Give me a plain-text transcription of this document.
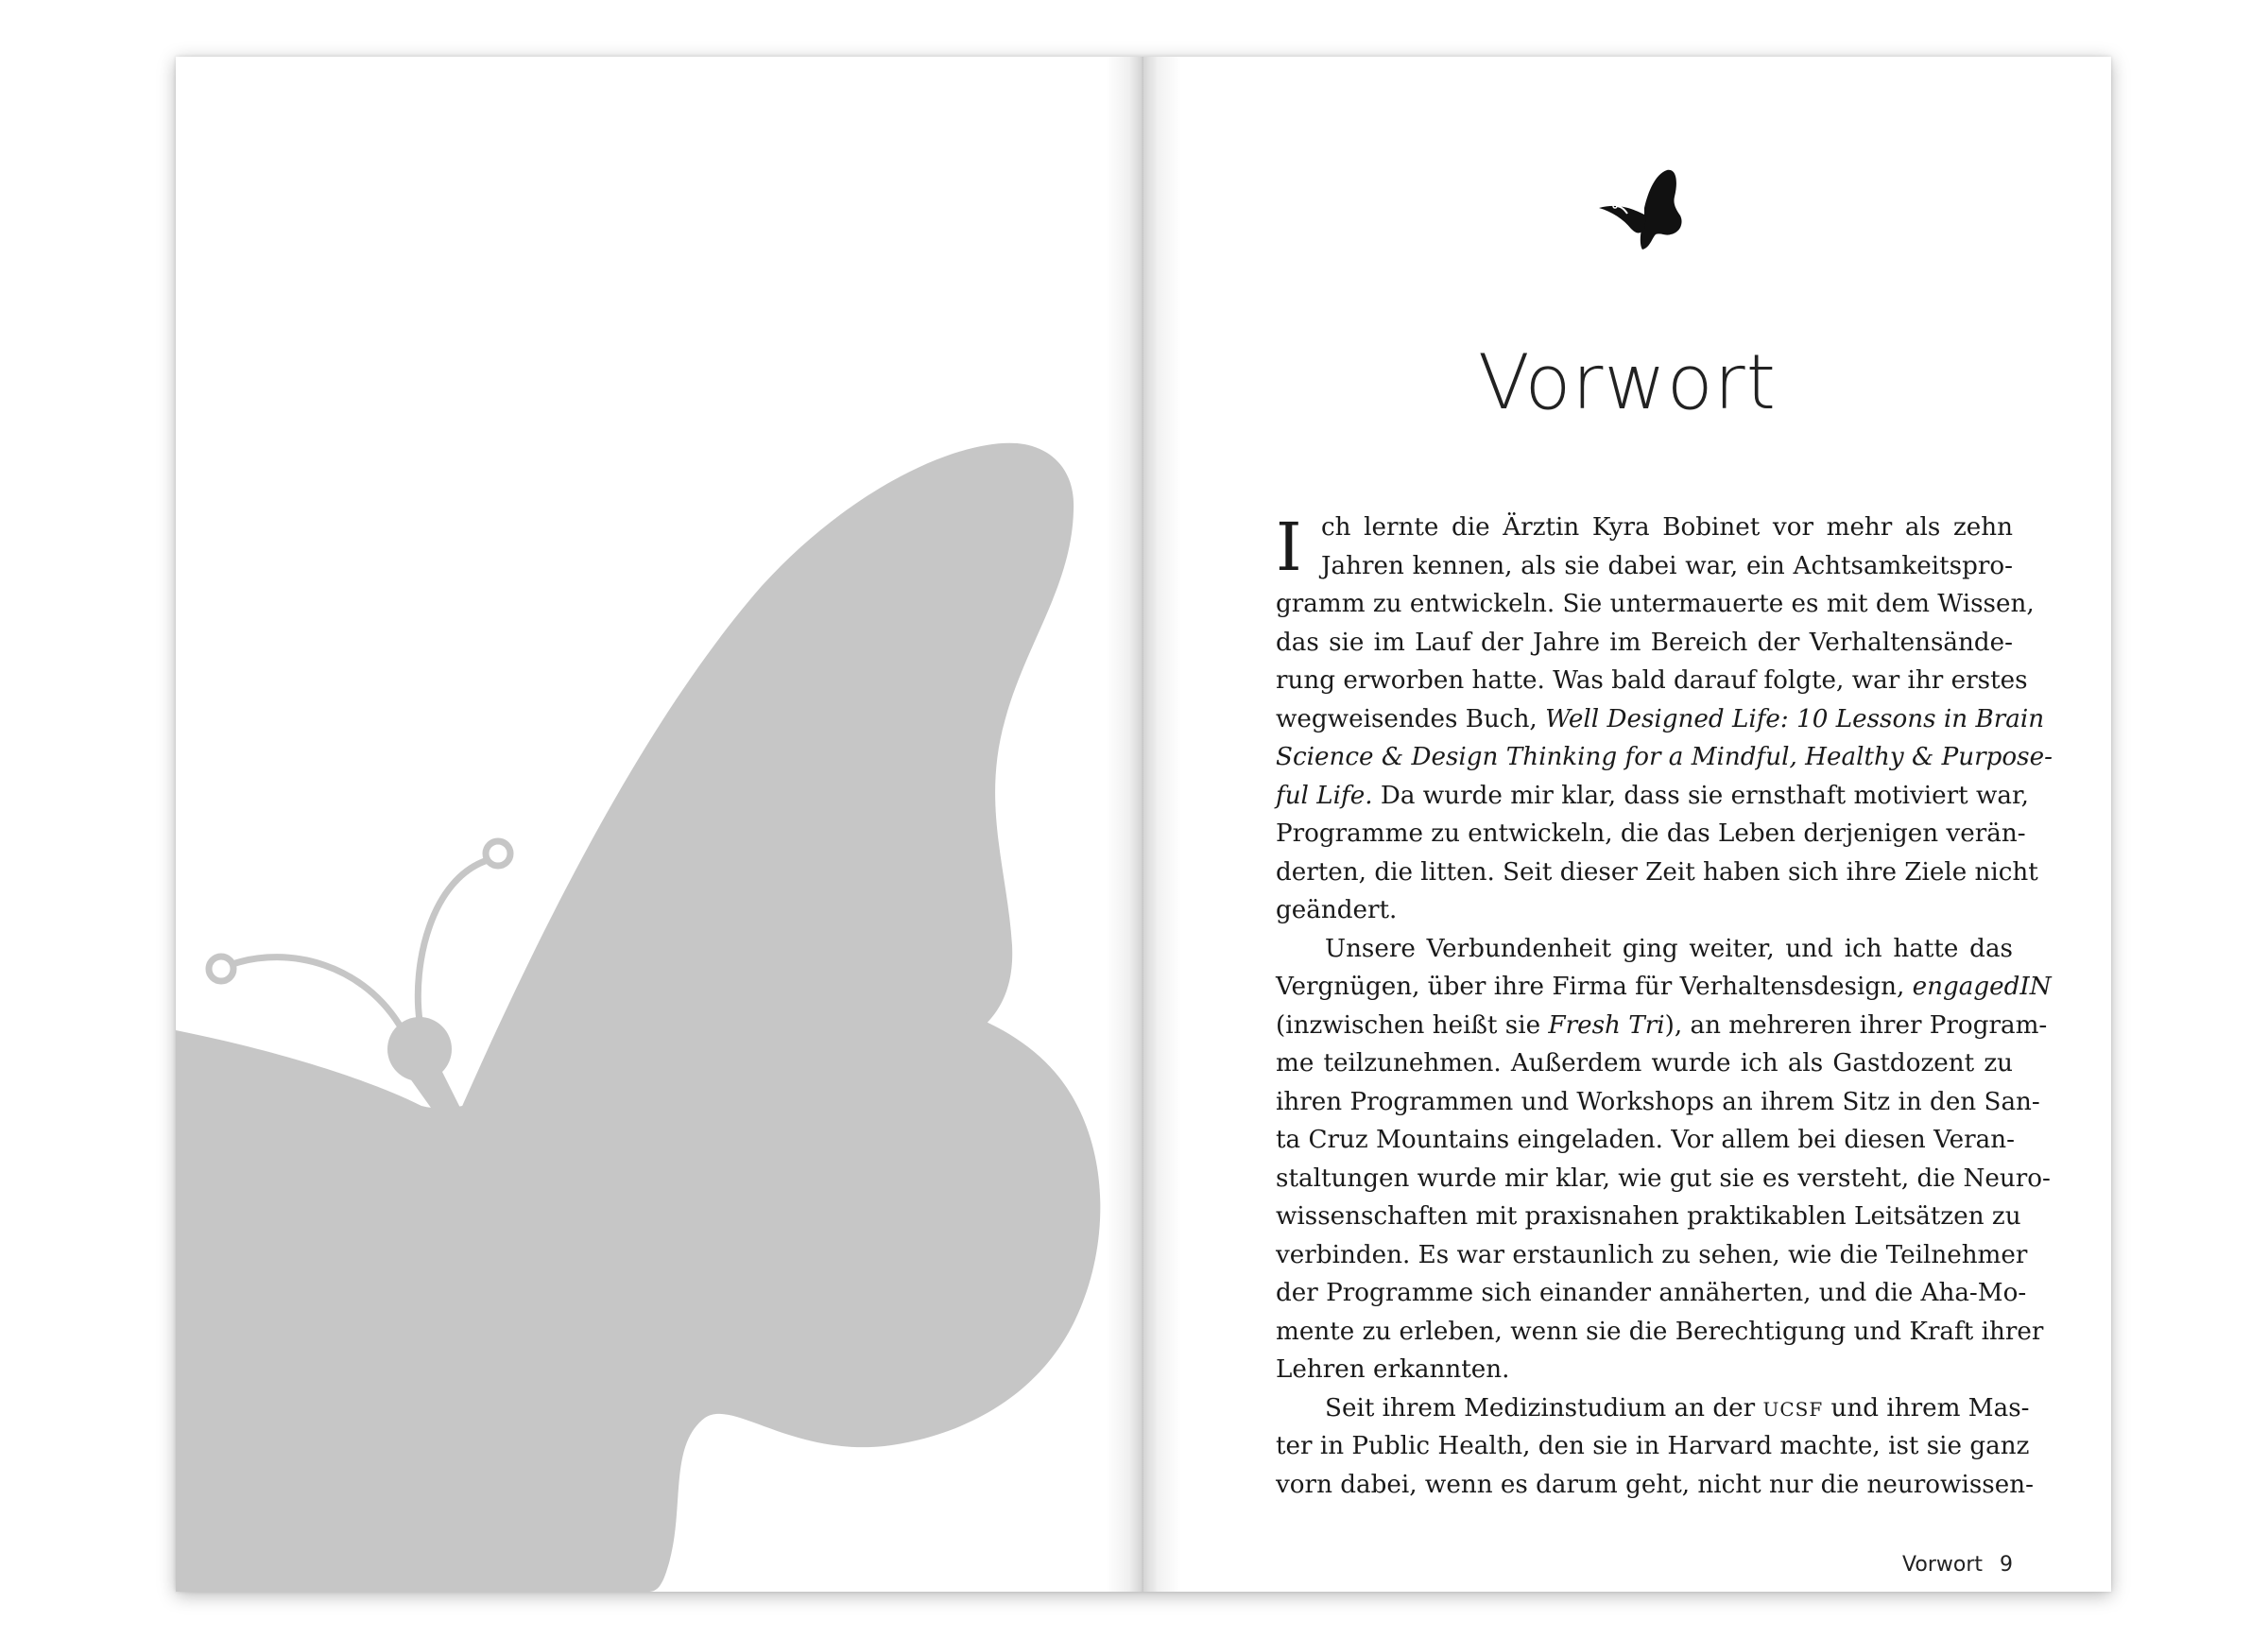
Vorwort
I ch lernte die Ärztin Kyra Bobinet vor mehr als zehn
Jahren kennen, als sie dabei war, ein Achtsamkeitspro-
gramm zu entwickeln. Sie untermauerte es mit dem Wissen,
das sie im Lauf der Jahre im Bereich der Verhaltensände-
rung erworben hatte. Was bald darauf folgte, war ihr erstes
wegweisendes Buch, Well Designed Life: 10 Lessons in Brain
Science & Design Thinking for a Mindful, Healthy & Purpose-
ful Life. Da wurde mir klar, dass sie ernsthaft motiviert war,
Programme zu entwickeln, die das Leben derjenigen verän-
derten, die litten. Seit dieser Zeit haben sich ihre Ziele nicht
geändert.
Unsere Verbundenheit ging weiter, und ich hatte das
Vergnügen, über ihre Firma für Verhaltensdesign, engagedIN
(inzwischen heißt sie Fresh Tri), an mehreren ihrer Program-
me teilzunehmen. Außerdem wurde ich als Gastdozent zu
ihren Programmen und Workshops an ihrem Sitz in den San-
ta Cruz Mountains eingeladen. Vor allem bei diesen Veran-
staltungen wurde mir klar, wie gut sie es versteht, die Neuro-
wissenschaften mit praxisnahen praktikablen Leitsätzen zu
verbinden. Es war erstaunlich zu sehen, wie die Teilnehmer
der Programme sich einander annäherten, und die Aha-Mo-
mente zu erleben, wenn sie die Berechtigung und Kraft ihrer
Lehren erkannten.
Seit ihrem Medizinstudium an der UCSF und ihrem Mas-
ter in Public Health, den sie in Harvard machte, ist sie ganz
vorn dabei, wenn es darum geht, nicht nur die neurowissen-
Vorwort 9
